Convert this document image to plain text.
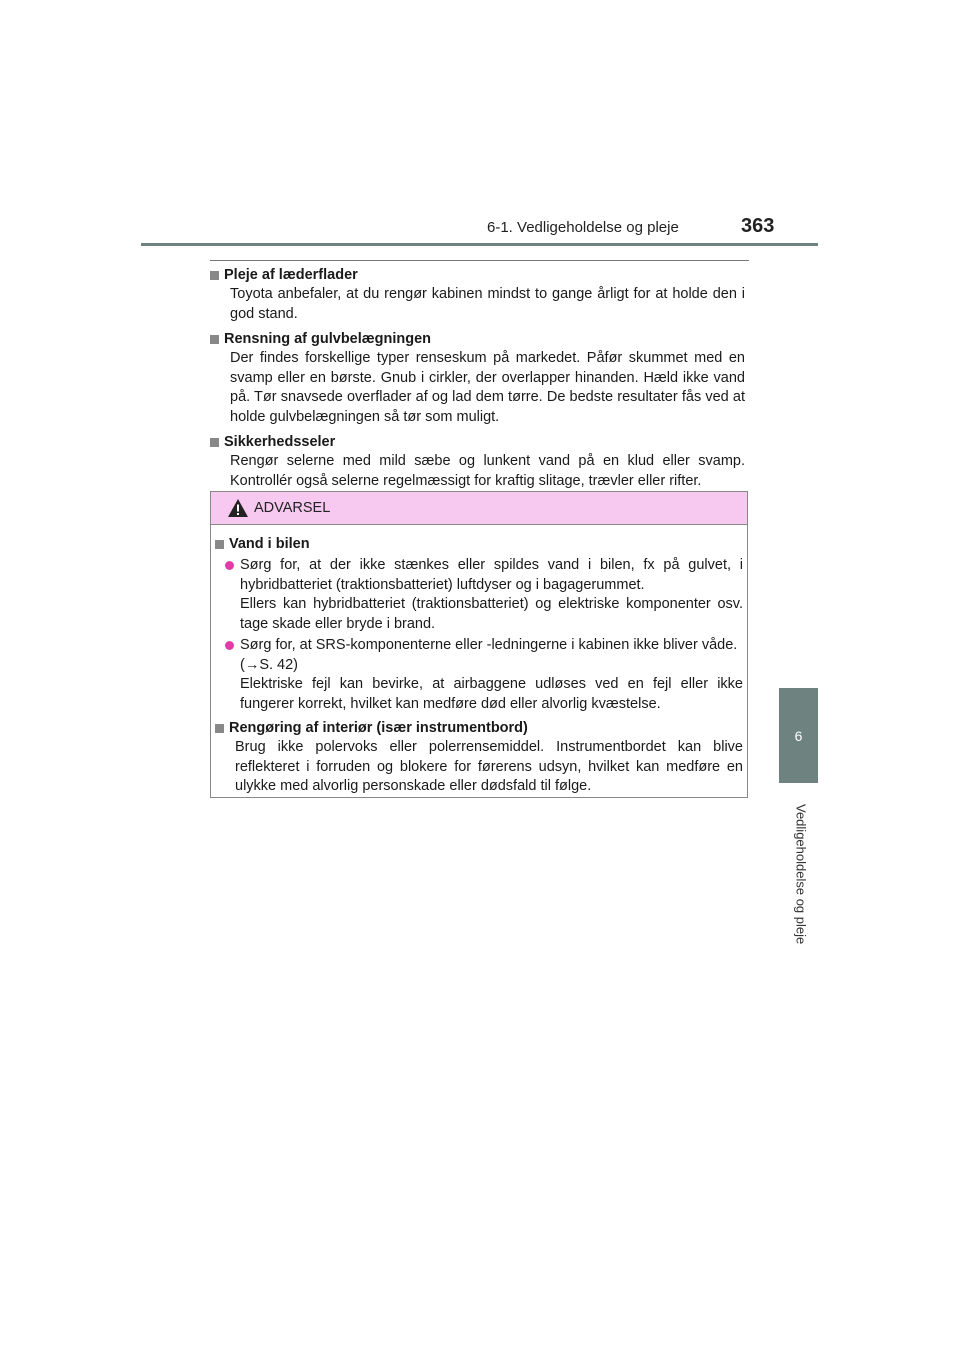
6-1. Vedligeholdelse og pleje	363
6
Vedligeholdelse og pleje
Pleje af læderflader
Toyota anbefaler, at du rengør kabinen mindst to gange årligt for at holde den i god stand.
Rensning af gulvbelægningen
Der findes forskellige typer renseskum på markedet. Påfør skummet med en svamp eller en børste. Gnub i cirkler, der overlapper hinanden. Hæld ikke vand på. Tør snavsede overflader af og lad dem tørre. De bedste resultater fås ved at holde gulvbelægningen så tør som muligt.
Sikkerhedsseler
Rengør selerne med mild sæbe og lunkent vand på en klud eller svamp. Kontrollér også selerne regelmæssigt for kraftig slitage, trævler eller rifter.
ADVARSEL
Vand i bilen
Sørg for, at der ikke stænkes eller spildes vand i bilen, fx på gulvet, i hybridbatteriet (traktionsbatteriet) luftdyser og i bagagerummet.
Ellers kan hybridbatteriet (traktionsbatteriet) og elektriske komponenter osv. tage skade eller bryde i brand.
Sørg for, at SRS-komponenterne eller -ledningerne i kabinen ikke bliver våde.
(→S. 42)
Elektriske fejl kan bevirke, at airbaggene udløses ved en fejl eller ikke fungerer korrekt, hvilket kan medføre død eller alvorlig kvæstelse.
Rengøring af interiør (især instrumentbord)
Brug ikke polervoks eller polerrensemiddel. Instrumentbordet kan blive reflekteret i forruden og blokere for førerens udsyn, hvilket kan medføre en ulykke med alvorlig personskade eller dødsfald til følge.
